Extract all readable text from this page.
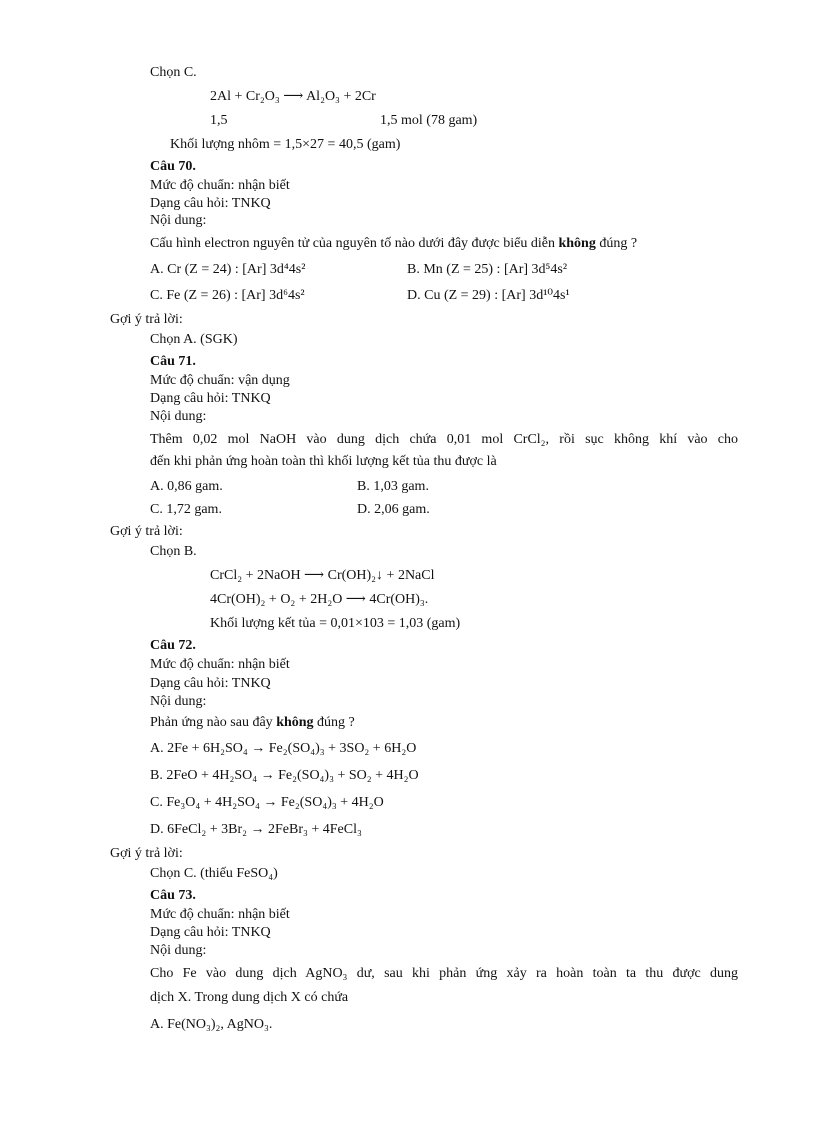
Chọn C.
2Al + Cr₂O₃ ⟶ Al₂O₃ + 2Cr
1,5	1,5 mol (78 gam)
Khối lượng nhôm = 1,5×27 = 40,5 (gam)
Câu 70.
Mức độ chuẩn: nhận biết
Dạng câu hỏi: TNKQ
Nội dung:
Cấu hình electron nguyên tử của nguyên tố nào dưới đây được biểu diễn không đúng ?
A. Cr (Z = 24) : [Ar] 3d⁴4s²	B. Mn (Z = 25) : [Ar] 3d⁵4s²
C. Fe (Z = 26) : [Ar] 3d⁶4s²	D. Cu (Z = 29) : [Ar] 3d¹⁰4s¹
Gợi ý trả lời:
Chọn A. (SGK)
Câu 71.
Mức độ chuẩn: vận dụng
Dạng câu hỏi: TNKQ
Nội dung:
Thêm 0,02 mol NaOH vào dung dịch chứa 0,01 mol CrCl₂, rồi sục không khí vào cho
đến khi phản ứng hoàn toàn thì khối lượng kết tủa thu được là
A. 0,86 gam.	B. 1,03 gam.
C. 1,72 gam.	D. 2,06 gam.
Gợi ý trả lời:
Chọn B.
CrCl₂ + 2NaOH ⟶ Cr(OH)₂↓ + 2NaCl
4Cr(OH)₂ + O₂ + 2H₂O ⟶ 4Cr(OH)₃.
Khối lượng kết tủa = 0,01×103 = 1,03 (gam)
Câu 72.
Mức độ chuẩn: nhận biết
Dạng câu hỏi: TNKQ
Nội dung:
Phản ứng nào sau đây không đúng ?
A. 2Fe + 6H₂SO₄ → Fe₂(SO₄)₃ + 3SO₂ + 6H₂O
B. 2FeO + 4H₂SO₄ → Fe₂(SO₄)₃ + SO₂ + 4H₂O
C. Fe₃O₄ + 4H₂SO₄ → Fe₂(SO₄)₃ + 4H₂O
D. 6FeCl₂ + 3Br₂ → 2FeBr₃ + 4FeCl₃
Gợi ý trả lời:
Chọn C. (thiếu FeSO₄)
Câu 73.
Mức độ chuẩn: nhận biết
Dạng câu hỏi: TNKQ
Nội dung:
Cho Fe vào dung dịch AgNO₃ dư, sau khi phản ứng xảy ra hoàn toàn ta thu được dung
dịch X. Trong dung dịch X có chứa
A. Fe(NO₃)₂, AgNO₃.
